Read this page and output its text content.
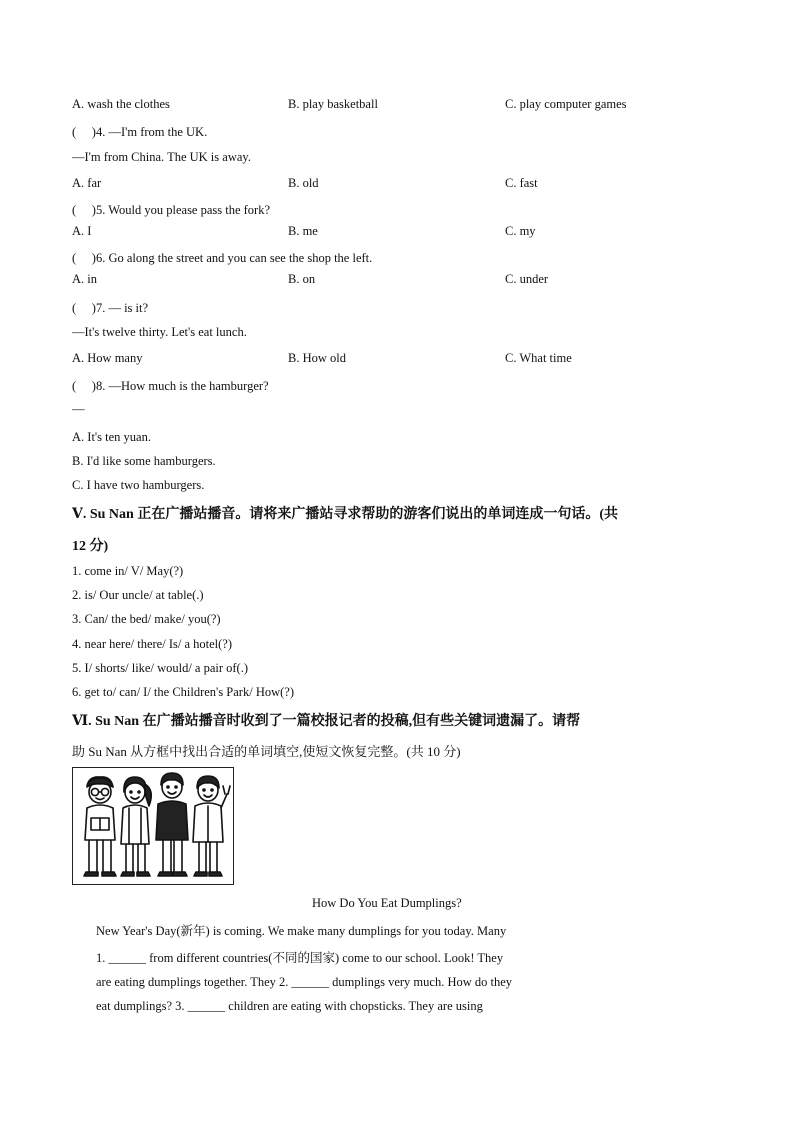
A. wash the clothes	B. play basketball	C. play computer games
(　 )4. —I'm from the UK.
—I'm from China. The UK is away.
A. far	B. old	C. fast
(　 )5. Would you please pass the fork?
A. I	B. me	C. my
(　 )6. Go along the street and you can see the shop the left.
A. in	B. on	C. under
(　 )7. — is it?
—It's twelve thirty. Let's eat lunch.
A. How many	B. How old	C. What time
(　 )8. —How much is the hamburger?
—
A. It's ten yuan.
B. I'd like some hamburgers.
C. I have two hamburgers.
Ⅴ. Su Nan 正在广播站播音。请将来广播站寻求帮助的游客们说出的单词连成一句话。(共
12 分)
1. come in/ V/ May(?)
2. is/ Our uncle/ at table(.)
3. Can/ the bed/ make/ you(?)
4. near here/ there/ Is/ a hotel(?)
5. I/ shorts/ like/ would/ a pair of(.)
6. get to/ can/ I/ the Children's Park/ How(?)
Ⅵ. Su Nan 在广播站播音时收到了一篇校报记者的投稿,但有些关键词遗漏了。请帮
助 Su Nan 从方框中找出合适的单词填空,使短文恢复完整。(共 10 分)
How Do You Eat Dumplings?
New Year's Day(新年) is coming. We make many dumplings for you today. Many
1. ______ from different countries(不同的国家) come to our school. Look! They
are eating dumplings together. They 2. ______ dumplings very much. How do they
eat dumplings? 3. ______ children are eating with chopsticks. They are using
